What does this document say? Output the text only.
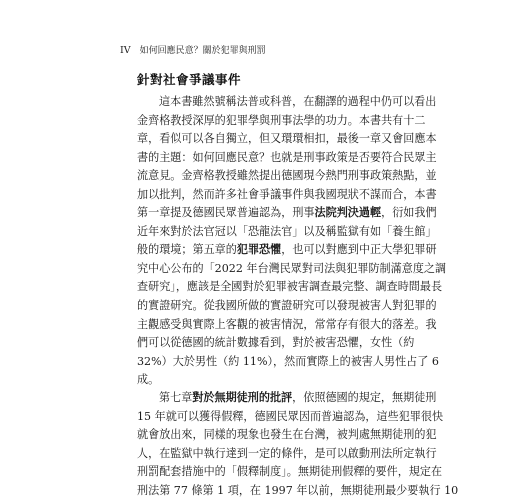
IV 如何回應民意？關於犯罪與刑罰
針對社會爭議事件
這本書雖然號稱法普或科普，在翻譯的過程中仍可以看出
金齊格教授深厚的犯罪學與刑事法學的功力。本書共有十二
章，看似可以各自獨立，但又環環相扣，最後一章又會回應本
書的主題：如何回應民意？也就是刑事政策是否要符合民眾主
流意見。金齊格教授雖然提出德國現今熱門刑事政策熱點，並
加以批判，然而許多社會爭議事件與我國現狀不謀而合，本書
第一章提及德國民眾普遍認為，刑事法院判決過輕，衍如我們
近年來對於法官冠以「恐龍法官」以及稱監獄有如「養生館」
般的環境；第五章的犯罪恐懼，也可以對應到中正大學犯罪研
究中心公布的「2022 年台灣民眾對司法與犯罪防制滿意度之調
查研究」，應該是全國對於犯罪被害調查最完整、調查時間最長
的實證研究。從我國所做的實證研究可以發現被害人對犯罪的
主觀感受與實際上客觀的被害情況，常常存有很大的落差。我
們可以從德國的統計數據看到，對於被害恐懼，女性（約
32%）大於男性（約 11%），然而實際上的被害人男性占了 6
成。
第七章對於無期徒刑的批評，依照德國的規定，無期徒刑
15 年就可以獲得假釋，德國民眾因而普遍認為，這些犯罪很快
就會放出來，同樣的現象也發生在台灣，被判處無期徒刑的犯
人，在監獄中執行達到一定的條件，是可以啟動刑法所定執行
刑罰配套措施中的「假釋制度」。無期徒刑假釋的要件，規定在
刑法第 77 條第 1 項，在 1997 年以前，無期徒刑最少要執行 10
